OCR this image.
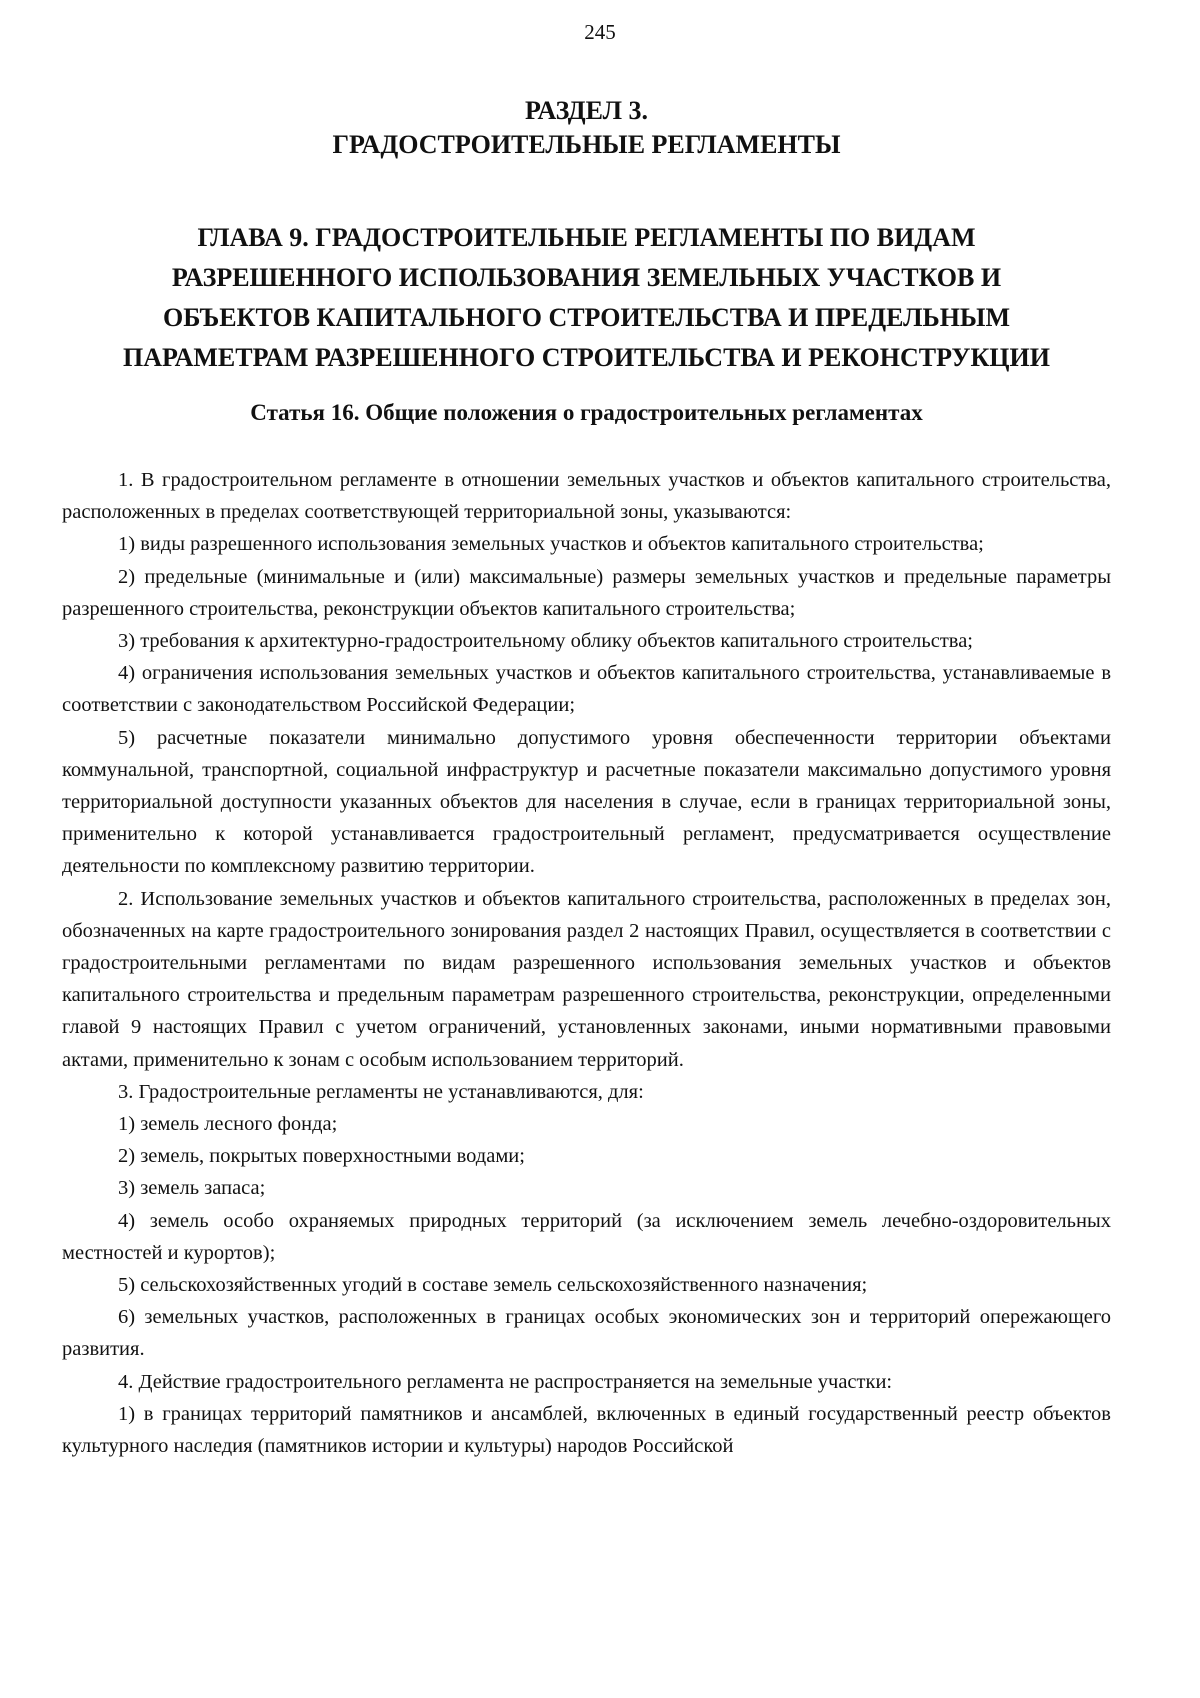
245
РАЗДЕЛ 3.
ГРАДОСТРОИТЕЛЬНЫЕ РЕГЛАМЕНТЫ
ГЛАВА 9. ГРАДОСТРОИТЕЛЬНЫЕ РЕГЛАМЕНТЫ ПО ВИДАМ
РАЗРЕШЕННОГО ИСПОЛЬЗОВАНИЯ ЗЕМЕЛЬНЫХ УЧАСТКОВ И
ОБЪЕКТОВ КАПИТАЛЬНОГО СТРОИТЕЛЬСТВА И ПРЕДЕЛЬНЫМ
ПАРАМЕТРАМ РАЗРЕШЕННОГО СТРОИТЕЛЬСТВА И РЕКОНСТРУКЦИИ
Статья 16. Общие положения о градостроительных регламентах

1. В градостроительном регламенте в отношении земельных участков и объектов капитального строительства, расположенных в пределах соответствующей территориальной зоны, указываются:

1) виды разрешенного использования земельных участков и объектов капитального строительства;

2) предельные (минимальные и (или) максимальные) размеры земельных участков и предельные параметры разрешенного строительства, реконструкции объектов капитального строительства;

3) требования к архитектурно-градостроительному облику объектов капитального строительства;

4) ограничения использования земельных участков и объектов капитального строительства, устанавливаемые в соответствии с законодательством Российской Федерации;

5) расчетные показатели минимально допустимого уровня обеспеченности территории объектами коммунальной, транспортной, социальной инфраструктур и расчетные показатели максимально допустимого уровня территориальной доступности указанных объектов для населения в случае, если в границах территориальной зоны, применительно к которой устанавливается градостроительный регламент, предусматривается осуществление деятельности по комплексному развитию территории.

2. Использование земельных участков и объектов капитального строительства, расположенных в пределах зон, обозначенных на карте градостроительного зонирования раздел 2 настоящих Правил, осуществляется в соответствии с градостроительными регламентами по видам разрешенного использования земельных участков и объектов капитального строительства и предельным параметрам разрешенного строительства, реконструкции, определенными главой 9 настоящих Правил с учетом ограничений, установленных законами, иными нормативными правовыми актами, применительно к зонам с особым использованием территорий.

3. Градостроительные регламенты не устанавливаются, для:

1) земель лесного фонда;

2) земель, покрытых поверхностными водами;

3) земель запаса;

4) земель особо охраняемых природных территорий (за исключением земель лечебно-оздоровительных местностей и курортов);

5) сельскохозяйственных угодий в составе земель сельскохозяйственного назначения;

6) земельных участков, расположенных в границах особых экономических зон и территорий опережающего развития.

4. Действие градостроительного регламента не распространяется на земельные участки:

1) в границах территорий памятников и ансамблей, включенных в единый государственный реестр объектов культурного наследия (памятников истории и культуры) народов Российской
